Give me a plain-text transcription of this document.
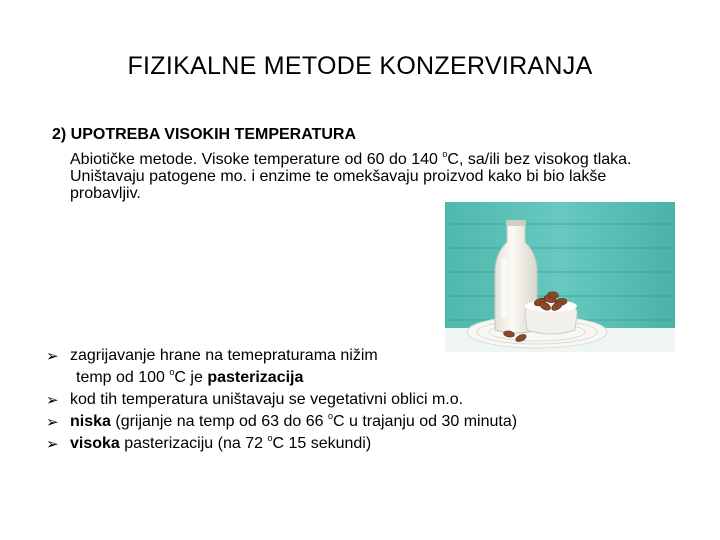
FIZIKALNE METODE KONZERVIRANJA
2) UPOTREBA VISOKIH TEMPERATURA
Abiotičke metode. Visoke temperature od 60 do 140 $^o$C, sa/ili bez visokog tlaka. Uništavaju patogene mo. i enzime te omekšavaju proizvod kako bi bio lakše probavljiv.
➢ zagrijavanje hrane na temepraturama nižim
temp od 100 $^o$C je pasterizacija
➢ kod tih temperatura uništavaju se vegetativni oblici m.o.
➢ niska (grijanje na temp od 63 do 66 $^o$C u trajanju od 30 minuta)
➢ visoka pasterizaciju (na 72 $^o$C 15 sekundi)
